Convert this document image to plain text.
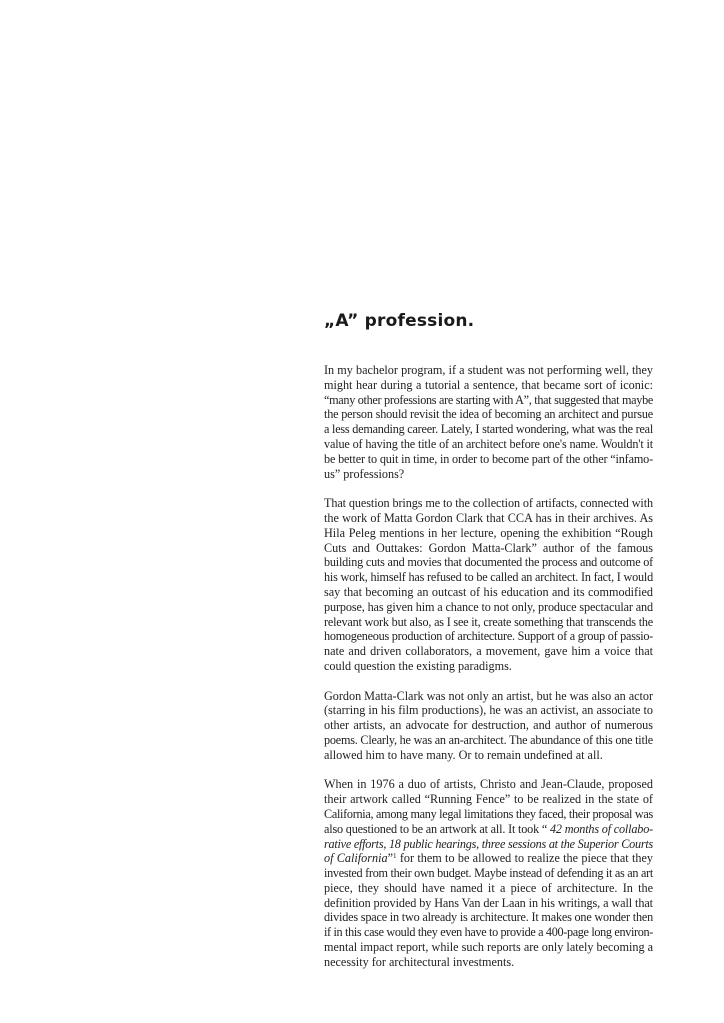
„A” profession.

In my bachelor program, if a student was not performing well, they
might hear during a tutorial a sentence, that became sort of iconic:
“many other professions are starting with A”, that suggested that maybe
the person should revisit the idea of becoming an architect and pursue
a less demanding career. Lately, I started wondering, what was the real
value of having the title of an architect before one's name. Wouldn't it
be better to quit in time, in order to become part of the other “infamo-
us” professions?

That question brings me to the collection of artifacts, connected with
the work of Matta Gordon Clark that CCA has in their archives. As
Hila Peleg mentions in her lecture, opening the exhibition “Rough
Cuts and Outtakes: Gordon Matta-Clark” author of the famous
building cuts and movies that documented the process and outcome of
his work, himself has refused to be called an architect. In fact, I would
say that becoming an outcast of his education and its commodified
purpose, has given him a chance to not only, produce spectacular and
relevant work but also, as I see it, create something that transcends the
homogeneous production of architecture. Support of a group of passio-
nate and driven collaborators, a movement, gave him a voice that
could question the existing paradigms.

Gordon Matta-Clark was not only an artist, but he was also an actor
(starring in his film productions), he was an activist, an associate to
other artists, an advocate for destruction, and author of numerous
poems. Clearly, he was an an-architect. The abundance of this one title
allowed him to have many. Or to remain undefined at all.

When in 1976 a duo of artists, Christo and Jean-Claude, proposed
their artwork called “Running Fence” to be realized in the state of
California, among many legal limitations they faced, their proposal was
also questioned to be an artwork at all. It took “ 42 months of collabo-
rative efforts, 18 public hearings, three sessions at the Superior Courts
of California”$^1$ for them to be allowed to realize the piece that they
invested from their own budget. Maybe instead of defending it as an art
piece, they should have named it a piece of architecture. In the
definition provided by Hans Van der Laan in his writings, a wall that
divides space in two already is architecture. It makes one wonder then
if in this case would they even have to provide a 400-page long environ-
mental impact report, while such reports are only lately becoming a
necessity for architectural investments.
